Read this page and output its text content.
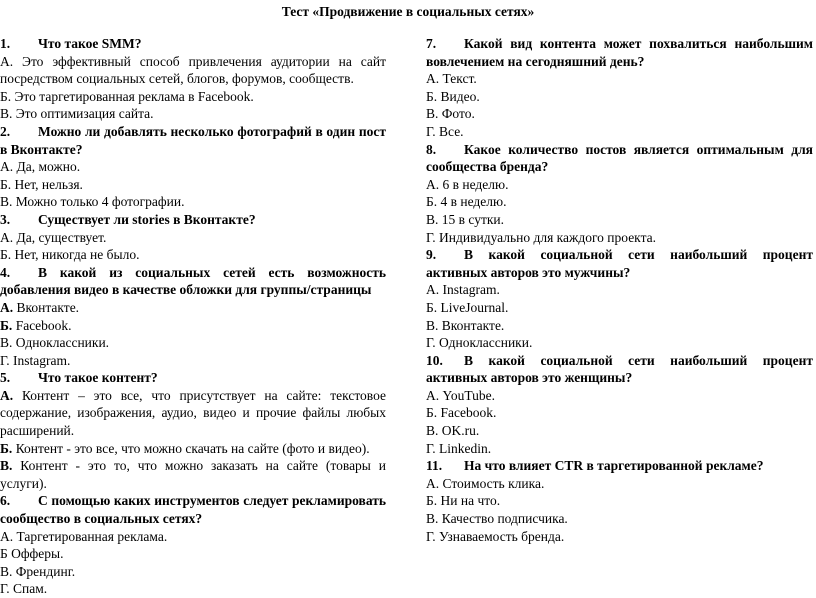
Тест «Продвижение в социальных сетях»
1. Что такое SMM?
А. Это эффективный способ привлечения аудитории на сайт посредством социальных сетей, блогов, форумов, сообществ.
Б. Это таргетированная реклама в Facebook.
В. Это оптимизация сайта.
2. Можно ли добавлять несколько фотографий в один пост в Вконтакте?
А. Да, можно.
Б. Нет, нельзя.
В. Можно только 4 фотографии.
3. Существует ли stories в Вконтакте?
А. Да, существует.
Б. Нет, никогда не было.
4. В какой из социальных сетей есть возможность добавления видео в качестве обложки для группы/страницы
А. Вконтакте.
Б. Facebook.
В. Одноклассники.
Г. Instagram.
5. Что такое контент?
А. Контент – это все, что присутствует на сайте: текстовое содержание, изображения, аудио, видео и прочие файлы любых расширений.
Б. Контент - это все, что можно скачать на сайте (фото и видео).
В. Контент - это то, что можно заказать на сайте (товары и услуги).
6. С помощью каких инструментов следует рекламировать сообщество в социальных сетях?
А. Таргетированная реклама.
Б Офферы.
В. Френдинг.
Г. Спам.
7. Какой вид контента может похвалиться наибольшим вовлечением на сегодняшний день?
А. Текст.
Б. Видео.
В. Фото.
Г. Все.
8. Какое количество постов является оптимальным для сообщества бренда?
А. 6 в неделю.
Б. 4 в неделю.
В. 15 в сутки.
Г. Индивидуально для каждого проекта.
9. В какой социальной сети наибольший процент активных авторов это мужчины?
А. Instagram.
Б. LiveJournal.
В. Вконтакте.
Г. Одноклассники.
10. В какой социальной сети наибольший процент активных авторов это женщины?
А. YouTube.
Б. Facebook.
В. OK.ru.
Г. Linkedin.
11. На что влияет CTR в таргетированной рекламе?
А. Стоимость клика.
Б. Ни на что.
В. Качество подписчика.
Г. Узнаваемость бренда.
